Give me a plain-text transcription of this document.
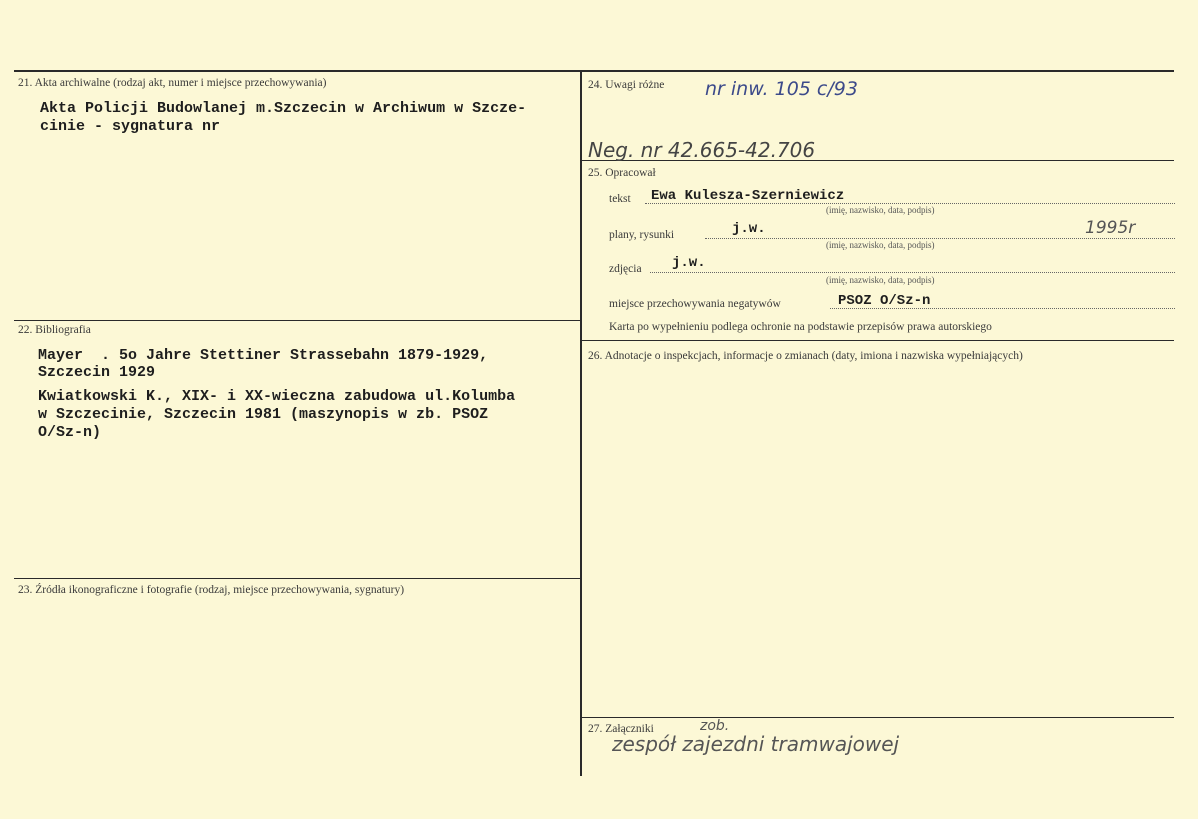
21. Akta archiwalne (rodzaj akt, numer i miejsce przechowywania)
Akta Policji Budowlanej m.Szczecin w Archiwum w Szcze-
cinie - sygnatura nr
22. Bibliografia
Mayer  . 5o Jahre Stettiner Strassebahn 1879-1929,
Szczecin 1929
Kwiatkowski K., XIX- i XX-wieczna zabudowa ul.Kolumba
w Szczecinie, Szczecin 1981 (maszynopis w zb. PSOZ
O/Sz-n)
23. Źródła ikonograficzne i fotografie (rodzaj, miejsce przechowywania, sygnatury)
24. Uwagi różne nr inw. 105 c/93
Neg. nr 42.665-42.706
25. Opracował
tekst Ewa Kulesza-Szerniewicz
(imię, nazwisko, data, podpis)
plany, rysunki	j.w.	1995r
(imię, nazwisko, data, podpis)
zdjęcia j.w.
(imię, nazwisko, data, podpis)
miejsce przechowywania negatywów	PSOZ O/Sz-n
Karta po wypełnieniu podlega ochronie na podstawie przepisów prawa autorskiego
26. Adnotacje o inspekcjach, informacje o zmianach (daty, imiona i nazwiska wypełniających)
27. Załączniki	zob.
zespół zajezdni tramwajowej
